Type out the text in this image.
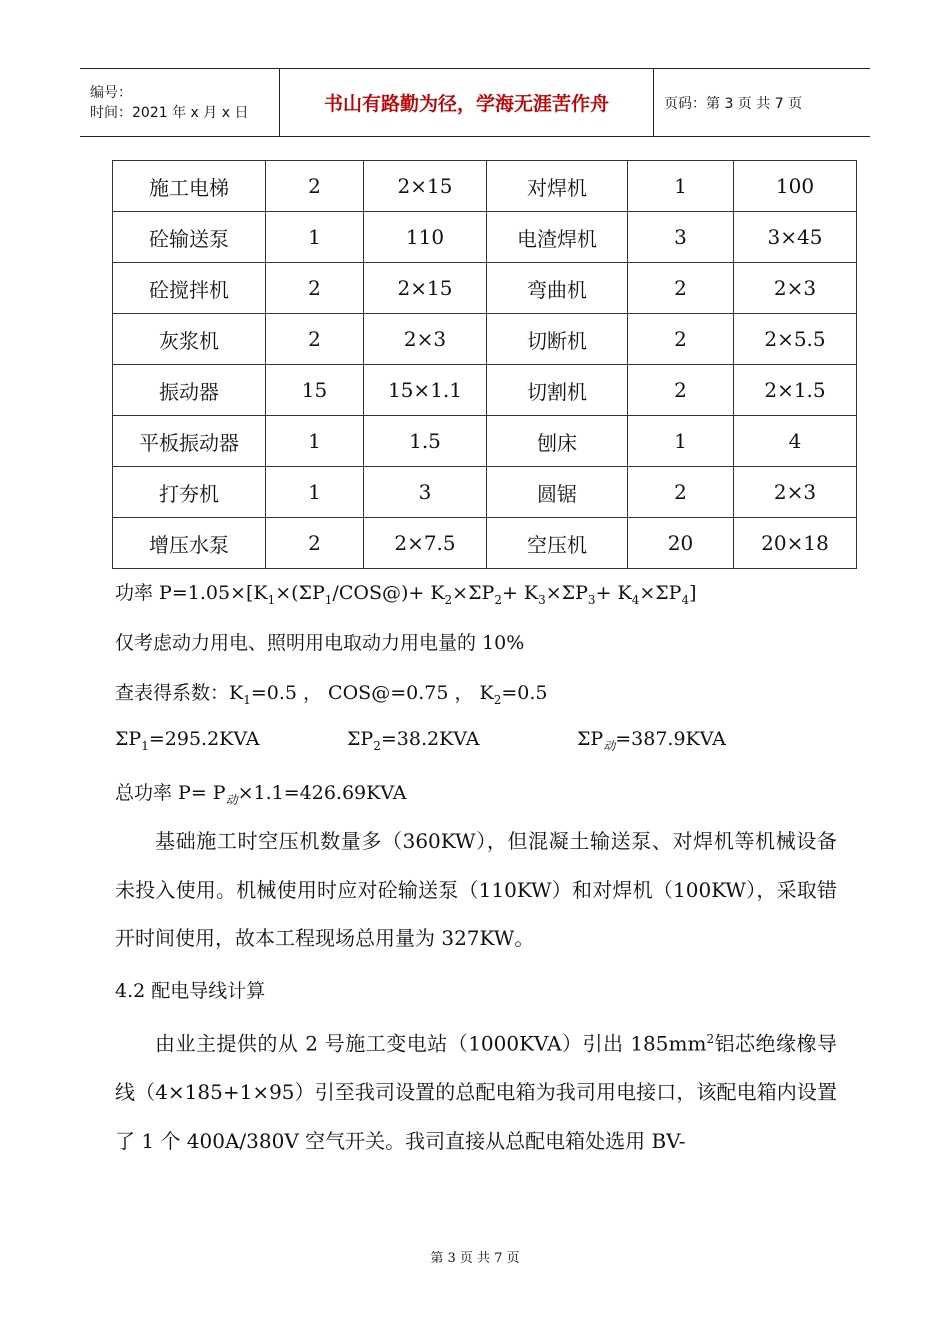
编号：
时间：2021 年 x 月 x 日	书山有路勤为径，学海无涯苦作舟	页码：第 3 页 共 7 页
施工电梯	2	2×15	对焊机	1	100
砼输送泵	1	110	电渣焊机	3	3×45
砼搅拌机	2	2×15	弯曲机	2	2×3
灰浆机	2	2×3	切断机	2	2×5.5
振动器	15	15×1.1	切割机	2	2×1.5
平板振动器	1	1.5	刨床	1	4
打夯机	1	3	圆锯	2	2×3
增压水泵	2	2×7.5	空压机	20	20×18
功率 $P=1.05\times[K_1\times(\Sigma P_1/COS@)+ K_2\times\Sigma P_2+ K_3\times\Sigma P_3+ K_4\times\Sigma P_4]$
仅考虑动力用电、照明用电取动力用电量的 10%
查表得系数：$K_1=0.5$ ， COS@=0.75 ， $K_2=0.5$
$\Sigma P_1=295.2KVA$	$\Sigma P_2=38.2KVA$	$\Sigma P_动=387.9KVA$
总功率 $P= P_动\times 1.1=426.69KVA$
基础施工时空压机数量多（360KW），但混凝土输送泵、对焊机等机械设备未投入使用。机械使用时应对砼输送泵（110KW）和对焊机（100KW），采取错开时间使用，故本工程现场总用量为 327KW。
4.2 配电导线计算
由业主提供的从 2 号施工变电站（1000KVA）引出 $185mm^2$铝芯绝缘橡导线（4×185+1×95）引至我司设置的总配电箱为我司用电接口，该配电箱内设置了 1 个 400A/380V 空气开关。我司直接从总配电箱处选用 BV-
第 3 页 共 7 页
